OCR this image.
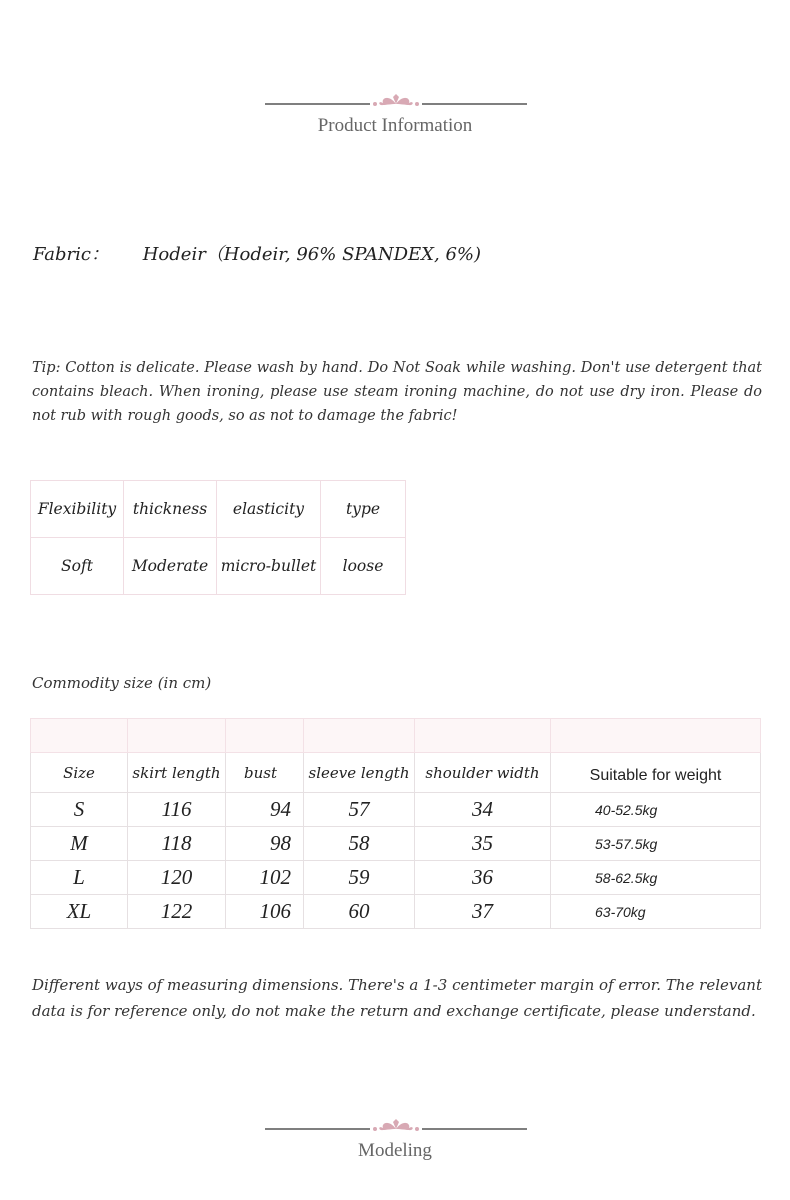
Product Information
Fabric： Hodeir（Hodeir, 96% SPANDEX, 6%)
Tip: Cotton is delicate. Please wash by hand. Do Not Soak while washing. Don't use detergent that contains bleach. When ironing, please use steam ironing machine, do not use dry iron. Please do not rub with rough goods, so as not to damage the fabric!
Flexibility	thickness	elasticity	type
Soft	Moderate	micro-bullet	loose
Commodity size (in cm)

Size	skirt length	bust	sleeve length	shoulder width	Suitable for weight
S	116	94	57	34	40-52.5kg
M	118	98	58	35	53-57.5kg
L	120	102	59	36	58-62.5kg
XL	122	106	60	37	63-70kg
Different ways of measuring dimensions. There's a 1-3 centimeter margin of error. The relevant data is for reference only, do not make the return and exchange certificate, please understand.
Modeling
